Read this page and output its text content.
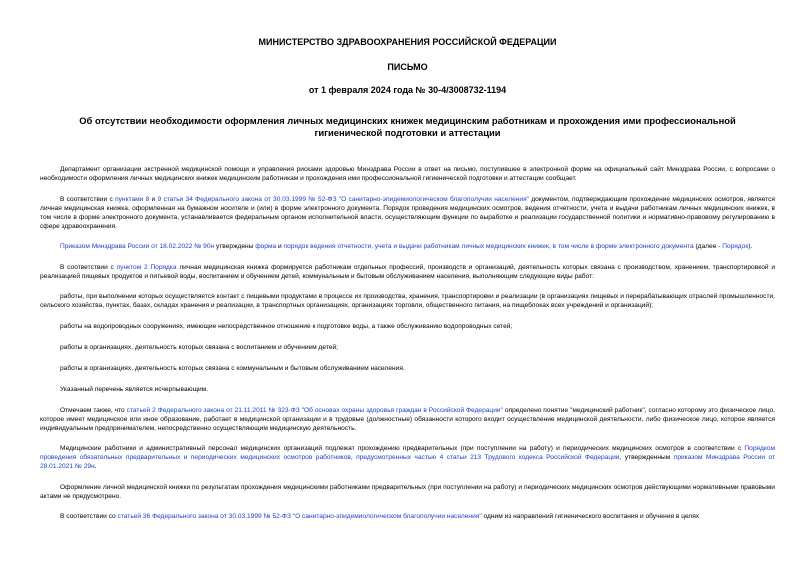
МИНИСТЕРСТВО ЗДРАВООХРАНЕНИЯ РОССИЙСКОЙ ФЕДЕРАЦИИ
ПИСЬМО
от 1 февраля 2024 года № 30-4/3008732-1194
Об отсутствии необходимости оформления личных медицинских книжек медицинским работникам и прохождения ими профессиональной гигиенической подготовки и аттестации

Департамент организации экстренной медицинской помощи и управления рисками здоровью Минздрава России в ответ на письмо, поступившее в электронной форме на официальный сайт Минздрава России, с вопросами о необходимости оформления личных медицинских книжек медицинским работникам и прохождения ими профессиональной гигиенической подготовки и аттестации сообщает.

В соответствии с пунктами 8 и 9 статьи 34 Федерального закона от 30.03.1999 № 52-ФЗ "О санитарно-эпидемиологическом благополучии населения" документом, подтверждающим прохождение медицинских осмотров, является личная медицинская книжка, оформленная на бумажном носителе и (или) в форме электронного документа. Порядок проведения медицинских осмотров, ведения отчетности, учета и выдачи работникам личных медицинских книжек, в том числе в форме электронного документа, устанавливается федеральным органом исполнительной власти, осуществляющим функции по выработке и реализации государственной политики и нормативно-правовому регулированию в сфере здравоохранения.

Приказом Минздрава России от 18.02.2022 № 90н утверждены форма и порядок ведения отчетности, учета и выдачи работникам личных медицинских книжек, в том числе в форме электронного документа (далее - Порядок).

В соответствии с пунктом 2 Порядка личная медицинская книжка формируется работникам отдельных профессий, производств и организаций, деятельность которых связана с производством, хранением, транспортировкой и реализацией пищевых продуктов и питьевой воды, воспитанием и обучением детей, коммунальным и бытовым обслуживанием населения, выполняющим следующие виды работ:

работы, при выполнении которых осуществляется контакт с пищевыми продуктами в процессе их производства, хранения, транспортировки и реализации (в организациях пищевых и перерабатывающих отраслей промышленности, сельского хозяйства, пунктах, базах, складах хранения и реализации, в транспортных организациях, организациях торговли, общественного питания, на пищеблоках всех учреждений и организаций);

работы на водопроводных сооружениях, имеющие непосредственное отношение к подготовке воды, а также обслуживанию водопроводных сетей;

работы в организациях, деятельность которых связана с воспитанием и обучением детей;

работы в организациях, деятельность которых связана с коммунальным и бытовым обслуживанием населения.

Указанный перечень является исчерпывающим.

Отмечаем также, что статьей 2 Федерального закона от 21.11.2011 № 323-ФЗ "Об основах охраны здоровья граждан в Российской Федерации" определено понятие "медицинский работник", согласно которому это физическое лицо, которое имеет медицинское или иное образование, работает в медицинской организации и в трудовые (должностные) обязанности которого входит осуществление медицинской деятельности, либо физическое лицо, которое является индивидуальным предпринимателем, непосредственно осуществляющим медицинскую деятельность.

Медицинские работники и административный персонал медицинских организаций подлежат прохождению предварительных (при поступлении на работу) и периодических медицинских осмотров в соответствии с Порядком проведения обязательных предварительных и периодических медицинских осмотров работников, предусмотренных частью 4 статьи 213 Трудового кодекса Российской Федерации, утвержденным приказом Минздрава России от 28.01.2021 № 29н.

Оформление личной медицинской книжки по результатам прохождения медицинскими работниками предварительных (при поступлении на работу) и периодических медицинских осмотров действующими нормативными правовыми актами не предусмотрено.

В соответствии со статьей 36 Федерального закона от 30.03.1999 № 52-ФЗ "О санитарно-эпидемиологическом благополучии населения" одним из направлений гигиенического воспитания и обучения в целях
